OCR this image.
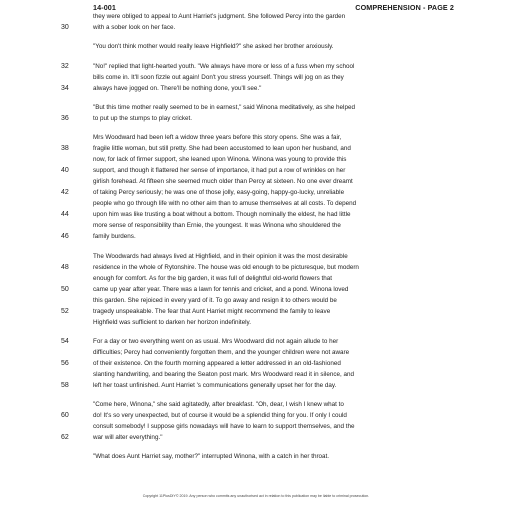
14-001	COMPREHENSION - PAGE 2
they were obliged to appeal to Aunt Harriet's judgment. She followed Percy into the garden
30	with a sober look on her face.
"You don't think mother would really leave Highfield?" she asked her brother anxiously.
32	"No!" replied that light-hearted youth. "We always have more or less of a fuss when my school
bills come in. It'll soon fizzle out again! Don't you stress yourself. Things will jog on as they
34	always have jogged on. There'll be nothing done, you'll see."
"But this time mother really seemed to be in earnest," said Winona meditatively, as she helped
36	to put up the stumps to play cricket.
Mrs Woodward had been left a widow three years before this story opens. She was a fair,
38	fragile little woman, but still pretty. She had been accustomed to lean upon her husband, and
now, for lack of firmer support, she leaned upon Winona. Winona was young to provide this
40	support, and though it flattered her sense of importance, it had put a row of wrinkles on her
girlish forehead. At fifteen she seemed much older than Percy at sixteen. No one ever dreamt
42	of taking Percy seriously; he was one of those jolly, easy-going, happy-go-lucky, unreliable
people who go through life with no other aim than to amuse themselves at all costs. To depend
44	upon him was like trusting a boat without a bottom. Though nominally the eldest, he had little
more sense of responsibility than Ernie, the youngest. It was Winona who shouldered the
46	family burdens.
The Woodwards had always lived at Highfield, and in their opinion it was the most desirable
48	residence in the whole of Rytonshire. The house was old enough to be picturesque, but modern
enough for comfort. As for the big garden, it was full of delightful old-world flowers that
50	came up year after year. There was a lawn for tennis and cricket, and a pond. Winona loved
this garden. She rejoiced in every yard of it. To go away and resign it to others would be
52	tragedy unspeakable. The fear that Aunt Harriet might recommend the family to leave
Highfield was sufficient to darken her horizon indefinitely.
54	For a day or two everything went on as usual. Mrs Woodward did not again allude to her
difficulties; Percy had conveniently forgotten them, and the younger children were not aware
56	of their existence. On the fourth morning appeared a letter addressed in an old-fashioned
slanting handwriting, and bearing the Seaton post mark. Mrs Woodward read it in silence, and
58	left her toast unfinished. Aunt Harriet 's communications generally upset her for the day.
"Come here, Winona," she said agitatedly, after breakfast. "Oh, dear, I wish I knew what to
60	do! It's so very unexpected, but of course it would be a splendid thing for you. If only I could
consult somebody! I suppose girls nowadays will have to learn to support themselves, and the
62	war will alter everything."
"What does Aunt Harriet say, mother?" interrupted Winona, with a catch in her throat.
Copyright 11PlusDIY© 2019. Any person who commits any unauthorised act in relation to this publication may be liable to criminal prosecution.
